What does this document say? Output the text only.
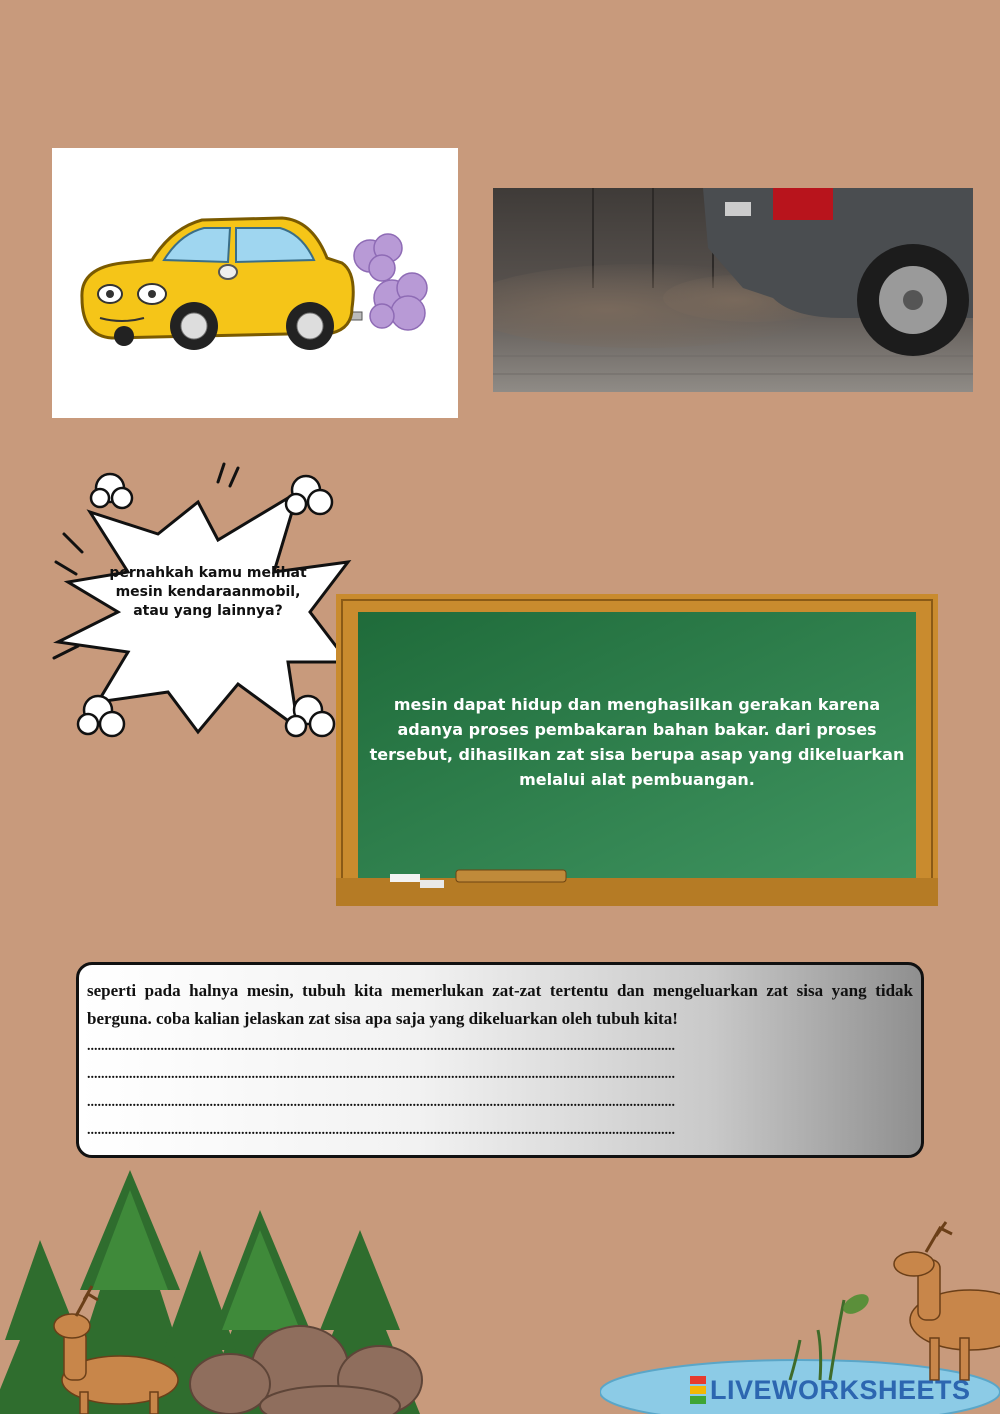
pernahkah kamu melihat mesin kendaraanmobil, atau yang lainnya?
mesin dapat hidup dan menghasilkan gerakan karena adanya proses pembakaran bahan bakar. dari proses tersebut, dihasilkan zat sisa berupa asap yang dikeluarkan melalui alat pembuangan.

seperti pada halnya mesin, tubuh kita memerlukan zat-zat tertentu dan mengeluarkan zat sisa yang tidak berguna. coba kalian jelaskan zat sisa apa saja yang dikeluarkan oleh tubuh kita!

........................................................................................................................................................................
........................................................................................................................................................................
........................................................................................................................................................................
........................................................................................................................................................................
LIVEWORKSHEETS
